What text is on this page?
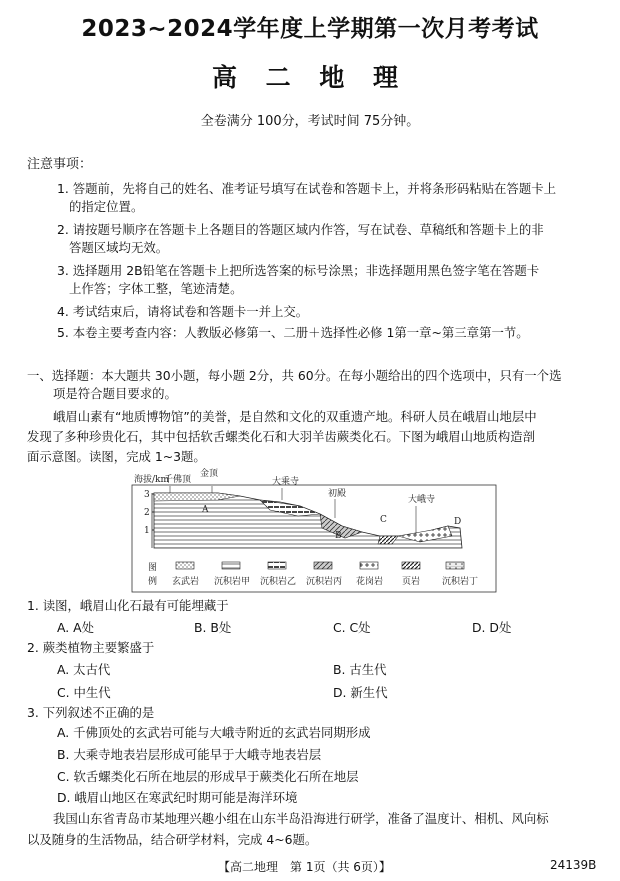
2023~2024学年度上学期第一次月考考试
高 二 地 理
全卷满分 100分，考试时间 75分钟。
注意事项：
1. 答题前，先将自己的姓名、准考证号填写在试卷和答题卡上，并将条形码粘贴在答题卡上
的指定位置。
2. 请按题号顺序在答题卡上各题目的答题区域内作答，写在试卷、草稿纸和答题卡上的非
答题区域均无效。
3. 选择题用 2B铅笔在答题卡上把所选答案的标号涂黑；非选择题用黑色签字笔在答题卡
上作答；字体工整，笔迹清楚。
4. 考试结束后，请将试卷和答题卡一并上交。
5. 本卷主要考查内容：人教版必修第一、二册＋选择性必修 1第一章~第三章第一节。
一、选择题：本大题共 30小题，每小题 2分，共 60分。在每小题给出的四个选项中，只有一个选
项是符合题目要求的。
峨眉山素有“地质博物馆”的美誉，是自然和文化的双重遗产地。科研人员在峨眉山地层中
发现了多种珍贵化石，其中包括软舌螺类化石和大羽羊齿蕨类化石。下图为峨眉山地质构造剖
面示意图。读图，完成 1~3题。
海拔/km
3
2
1
千佛顶
金顶
大乘寺
初殿
大峨寺
A
B
C	D
图
例 玄武岩 沉积岩甲 沉积岩乙 沉积岩丙 花岗岩 页岩 沉积岩丁
1. 读图，峨眉山化石最有可能埋藏于
A. A处	B. B处	C. C处	D. D处
2. 蕨类植物主要繁盛于
A. 太古代	B. 古生代
C. 中生代	D. 新生代
3. 下列叙述不正确的是
A. 千佛顶处的玄武岩可能与大峨寺附近的玄武岩同期形成
B. 大乘寺地表岩层形成可能早于大峨寺地表岩层
C. 软舌螺类化石所在地层的形成早于蕨类化石所在地层
D. 峨眉山地区在寒武纪时期可能是海洋环境
我国山东省青岛市某地理兴趣小组在山东半岛沿海进行研学，准备了温度计、相机、风向标
以及随身的生活物品，结合研学材料，完成 4~6题。
【高二地理　第 1页（共 6页）】	24139B
